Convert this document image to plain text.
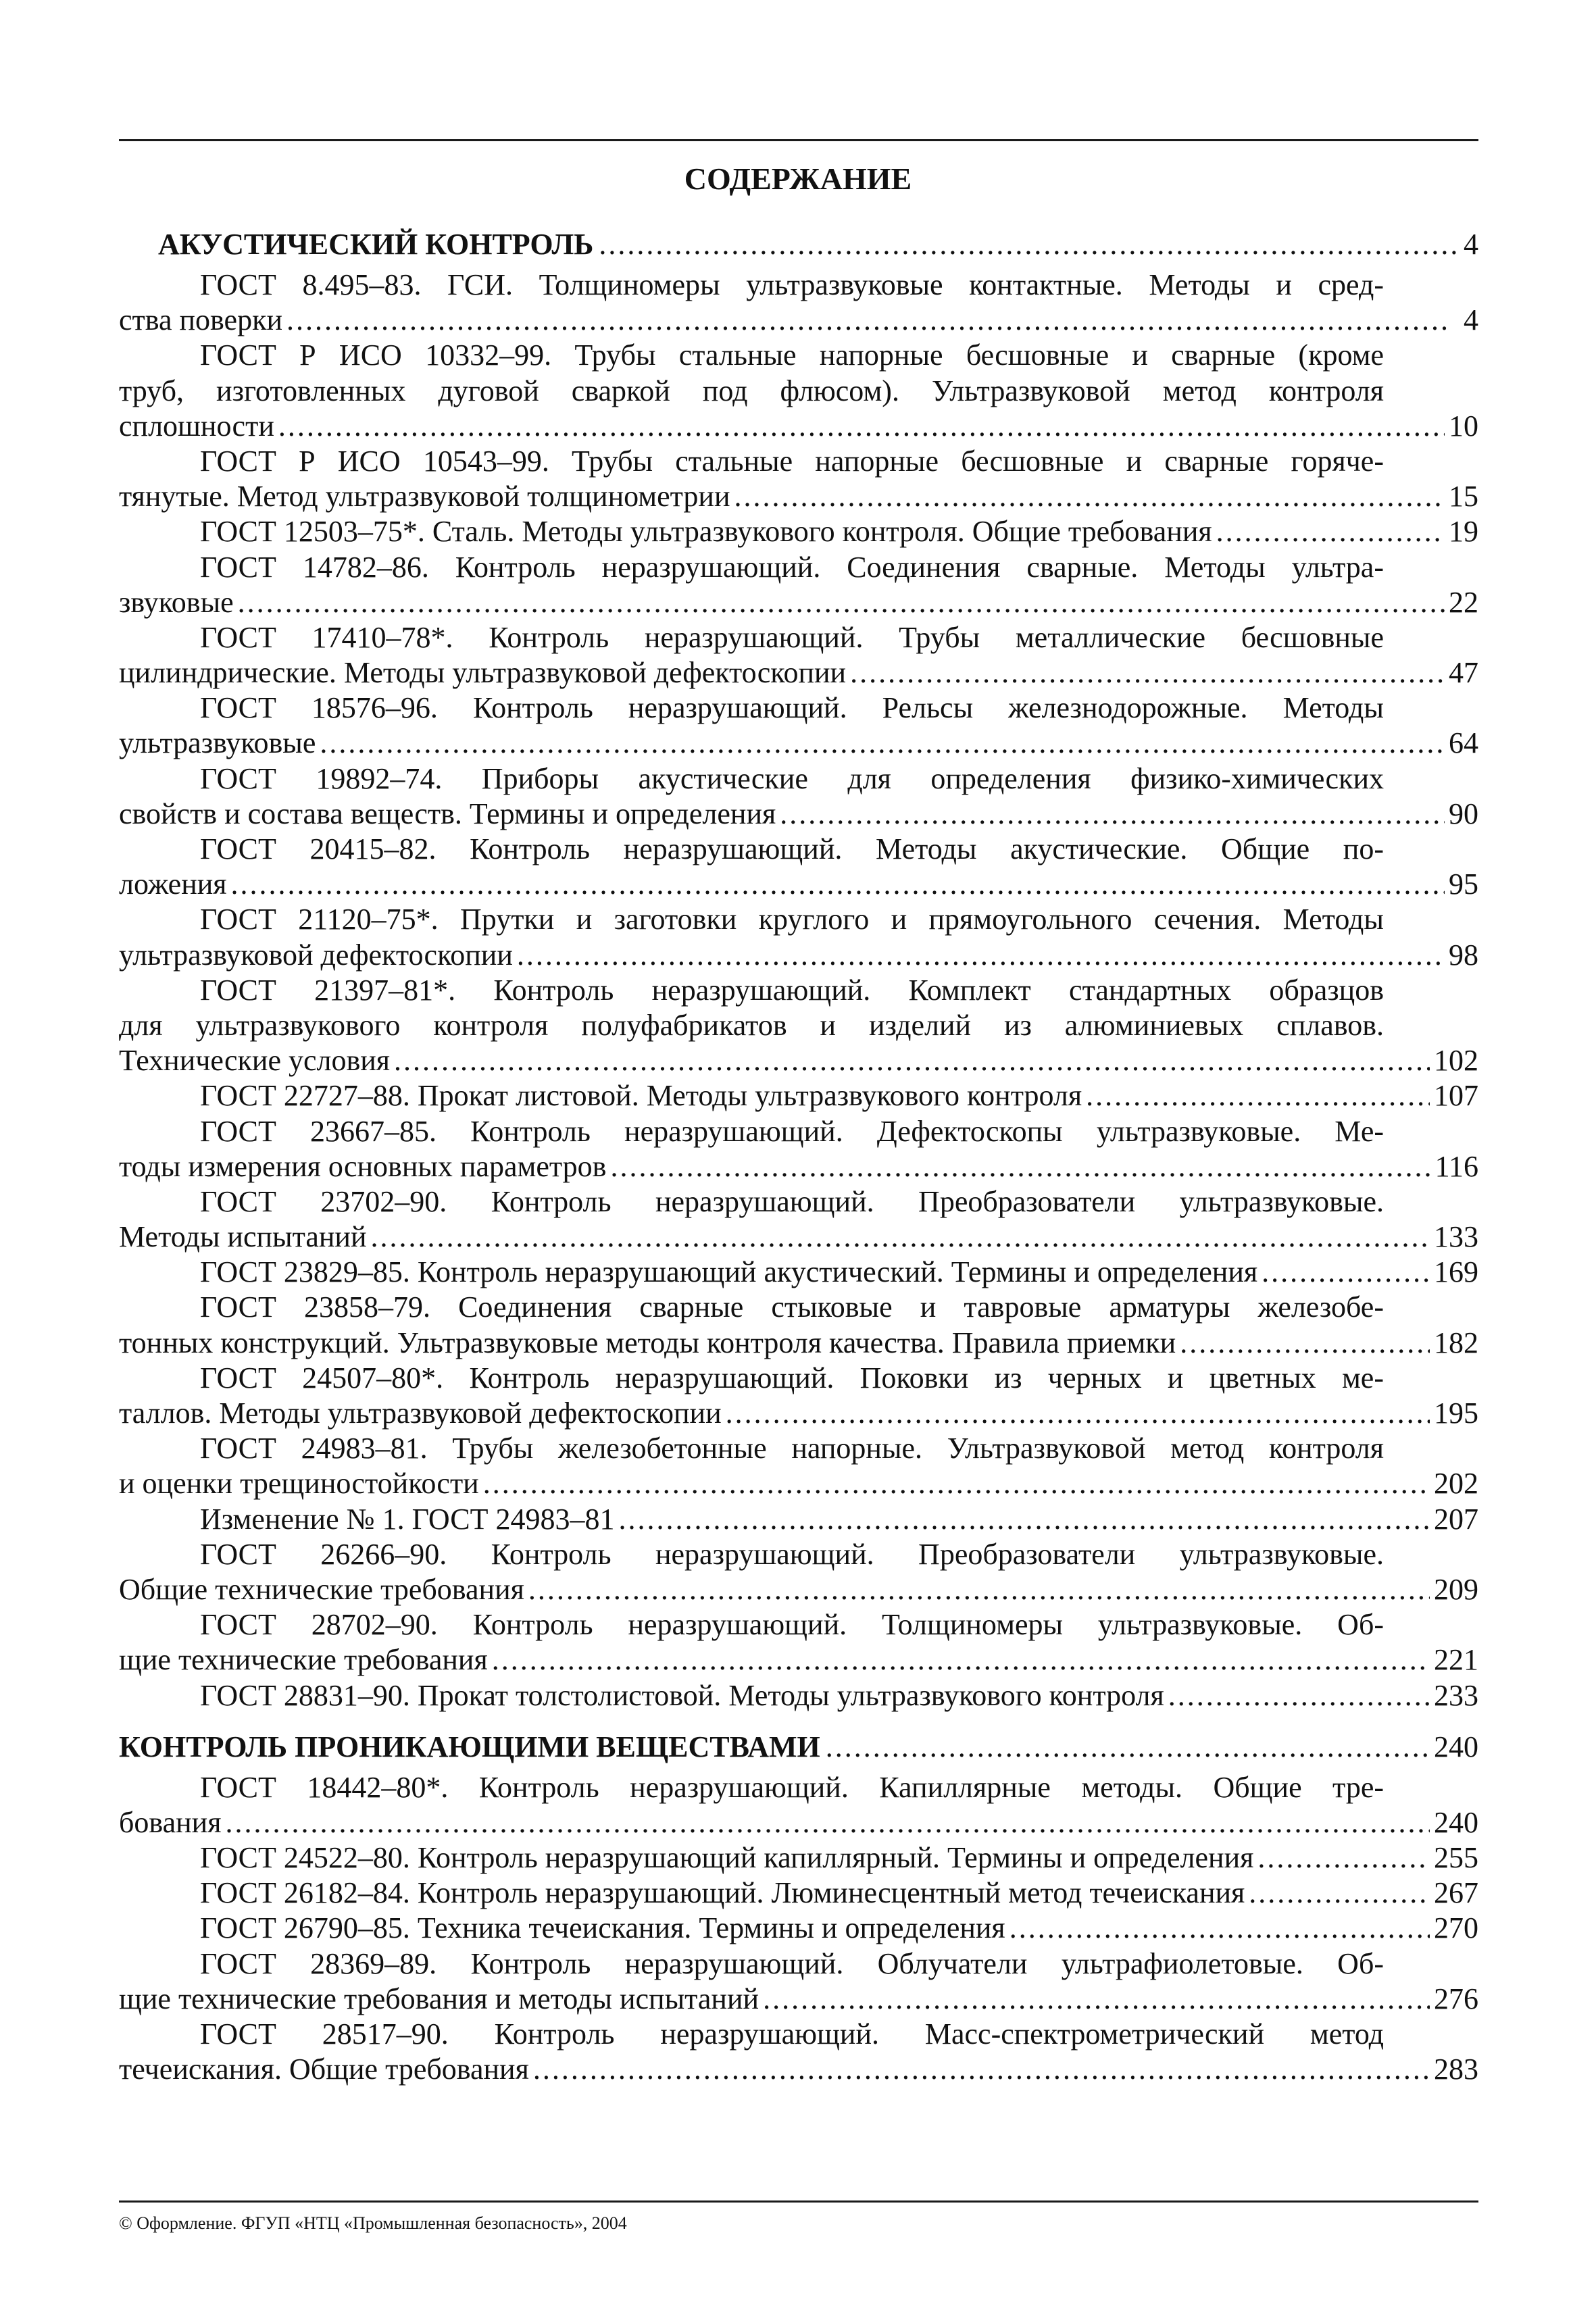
СОДЕРЖАНИЕ
АКУСТИЧЕСКИЙ КОНТРОЛЬ . . .	4
ГОСТ 8.495–83. ГСИ. Толщиномеры ультразвуковые контактные. Методы и сред-
ства поверки . . .	4
ГОСТ Р ИСО 10332–99. Трубы стальные напорные бесшовные и сварные (кроме
труб, изготовленных дуговой сваркой под флюсом). Ультразвуковой метод контроля
сплошности . . .	10
ГОСТ Р ИСО 10543–99. Трубы стальные напорные бесшовные и сварные горяче-
тянутые. Метод ультразвуковой толщинометрии . . .	15
ГОСТ 12503–75*. Сталь. Методы ультразвукового контроля. Общие требования . . .	19
ГОСТ 14782–86. Контроль неразрушающий. Соединения сварные. Методы ультра-
звуковые . . .	22
ГОСТ 17410–78*. Контроль неразрушающий. Трубы металлические бесшовные
цилиндрические. Методы ультразвуковой дефектоскопии . . .	47
ГОСТ 18576–96. Контроль неразрушающий. Рельсы железнодорожные. Методы
ультразвуковые . . .	64
ГОСТ 19892–74. Приборы акустические для определения физико-химических
свойств и состава веществ. Термины и определения . . .	90
ГОСТ 20415–82. Контроль неразрушающий. Методы акустические. Общие по-
ложения . . .	95
ГОСТ 21120–75*. Прутки и заготовки круглого и прямоугольного сечения. Методы
ультразвуковой дефектоскопии . . .	98
ГОСТ 21397–81*. Контроль неразрушающий. Комплект стандартных образцов
для ультразвукового контроля полуфабрикатов и изделий из алюминиевых сплавов.
Технические условия . . .	102
ГОСТ 22727–88. Прокат листовой. Методы ультразвукового контроля . . .	107
ГОСТ 23667–85. Контроль неразрушающий. Дефектоскопы ультразвуковые. Ме-
тоды измерения основных параметров . . .	116
ГОСТ 23702–90. Контроль неразрушающий. Преобразователи ультразвуковые.
Методы испытаний . . .	133
ГОСТ 23829–85. Контроль неразрушающий акустический. Термины и определения . . .	169
ГОСТ 23858–79. Соединения сварные стыковые и тавровые арматуры железобе-
тонных конструкций. Ультразвуковые методы контроля качества. Правила приемки . . .	182
ГОСТ 24507–80*. Контроль неразрушающий. Поковки из черных и цветных ме-
таллов. Методы ультразвуковой дефектоскопии . . .	195
ГОСТ 24983–81. Трубы железобетонные напорные. Ультразвуковой метод контроля
и оценки трещиностойкости . . .	202
Изменение № 1. ГОСТ 24983–81 . . .	207
ГОСТ 26266–90. Контроль неразрушающий. Преобразователи ультразвуковые.
Общие технические требования . . .	209
ГОСТ 28702–90. Контроль неразрушающий. Толщиномеры ультразвуковые. Об-
щие технические требования . . .	221
ГОСТ 28831–90. Прокат толстолистовой. Методы ультразвукового контроля . . .	233
КОНТРОЛЬ ПРОНИКАЮЩИМИ ВЕЩЕСТВАМИ . . .	240
ГОСТ 18442–80*. Контроль неразрушающий. Капиллярные методы. Общие тре-
бования . . .	240
ГОСТ 24522–80. Контроль неразрушающий капиллярный. Термины и определения . . .	255
ГОСТ 26182–84. Контроль неразрушающий. Люминесцентный метод течеискания . . .	267
ГОСТ 26790–85. Техника течеискания. Термины и определения . . .	270
ГОСТ 28369–89. Контроль неразрушающий. Облучатели ультрафиолетовые. Об-
щие технические требования и методы испытаний . . .	276
ГОСТ 28517–90. Контроль неразрушающий. Масс-спектрометрический метод
течеискания. Общие требования . . .	283
© Оформление. ФГУП «НТЦ «Промышленная безопасность», 2004
